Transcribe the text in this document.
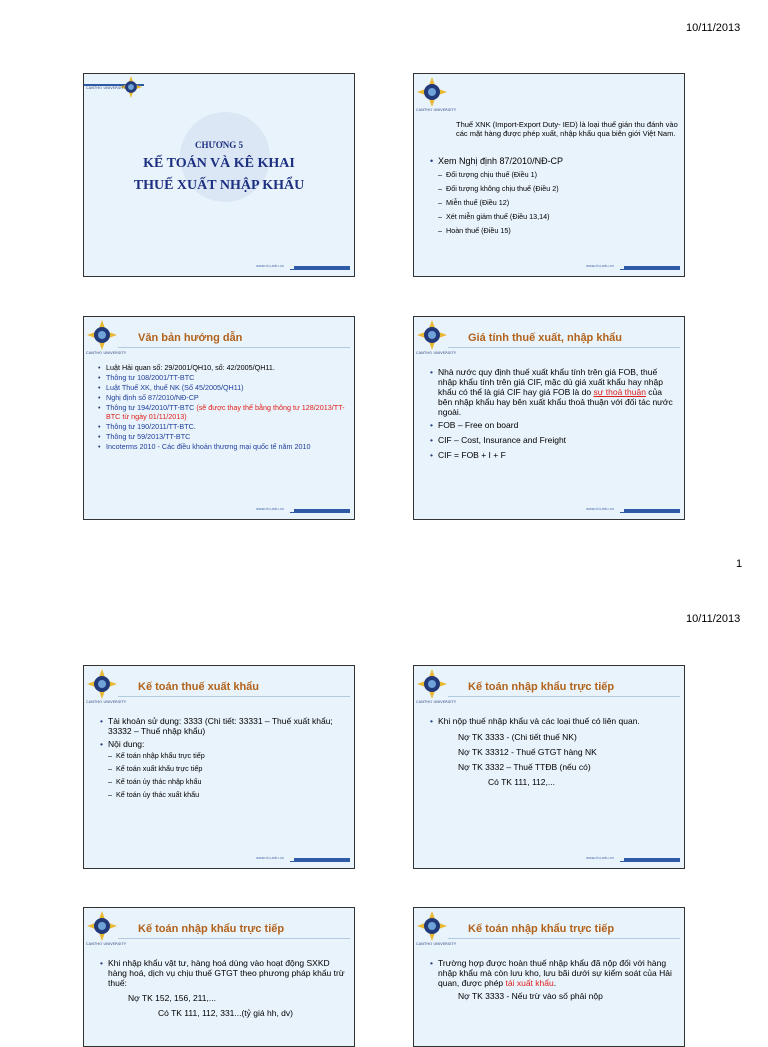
10/11/2013
CANTHO UNIVERSITY
CHƯƠNG 5
KẾ TOÁN VÀ KÊ KHAI
THUẾ XUẤT NHẬP KHẨU
www.ctu.edu.vn
CANTHO UNIVERSITY
Thuế XNK (Import-Export Duty- IED) là loại thuế gián thu đánh vào các mặt hàng được phép xuất, nhập khẩu qua biên giới Việt Nam.
• Xem Nghị định 87/2010/NĐ-CP
– Đối tượng chịu thuế (Điều 1)
– Đối tượng không chịu thuế (Điều 2)
– Miễn thuế (Điều 12)
– Xét miễn giảm thuế (Điều 13,14)
– Hoàn thuế (Điều 15)
www.ctu.edu.vn
CANTHO UNIVERSITY
Văn bản hướng dẫn
• Luật Hải quan số: 29/2001/QH10, số: 42/2005/QH11.
• Thông tư 108/2001/TT-BTC
• Luật Thuế XK, thuế NK (Số 45/2005/QH11)
• Nghị định số 87/2010/NĐ-CP
• Thông tư 194/2010/TT-BTC (sẽ được thay thế bằng thông tư 128/2013/TT-BTC từ ngày 01/11/2013)
• Thông tư 190/2011/TT-BTC.
• Thông tư 59/2013/TT-BTC
• Incoterms 2010 - Các điều khoản thương mại quốc tế năm 2010
www.ctu.edu.vn
CANTHO UNIVERSITY
Giá tính thuế xuất, nhập khẩu
• Nhà nước quy định thuế xuất khẩu tính trên giá FOB, thuế nhập khẩu tính trên giá CIF, mặc dù giá xuất khẩu hay nhập khẩu có thể là giá CIF hay giá FOB là do sự thoả thuận của bên nhập khẩu hay bên xuất khẩu thoả thuận với đối tác nước ngoài.
• FOB – Free on board
• CIF – Cost, Insurance and Freight
• CIF = FOB + I + F
www.ctu.edu.vn
1
10/11/2013
CANTHO UNIVERSITY
Kế toán thuế xuất khẩu
• Tài khoản sử dụng: 3333 (Chi tiết: 33331 – Thuế xuất khẩu; 33332 – Thuế nhập khẩu)
• Nội dung:
– Kế toán nhập khẩu trực tiếp
– Kế toán xuất khẩu trực tiếp
– Kế toán ủy thác nhập khẩu
– Kế toán ủy thác xuất khẩu
www.ctu.edu.vn
CANTHO UNIVERSITY
Kế toán nhập khẩu trực tiếp
• Khi nộp thuế nhập khẩu và các loại thuế có liên quan.
Nợ TK 3333 - (Chi tiết thuế NK)
Nợ TK 33312 - Thuế GTGT hàng NK
Nợ TK 3332 – Thuế TTĐB (nếu có)
Có TK 111, 112,...
www.ctu.edu.vn
CANTHO UNIVERSITY
Kế toán nhập khẩu trực tiếp
• Khi nhập khẩu vật tư, hàng hoá dùng vào hoạt động SXKD hàng hoá, dịch vụ chịu thuế GTGT theo phương pháp khấu trừ thuế:
Nợ TK 152, 156, 211,...
Có TK 111, 112, 331...(tỷ giá hh, dv)
CANTHO UNIVERSITY
Kế toán nhập khẩu trực tiếp
• Trường hợp được hoàn thuế nhập khẩu đã nộp đối với hàng nhập khẩu mà còn lưu kho, lưu bãi dưới sự kiểm soát của Hải quan, được phép tái xuất khẩu.
Nợ TK 3333 - Nếu trừ vào số phải nộp
